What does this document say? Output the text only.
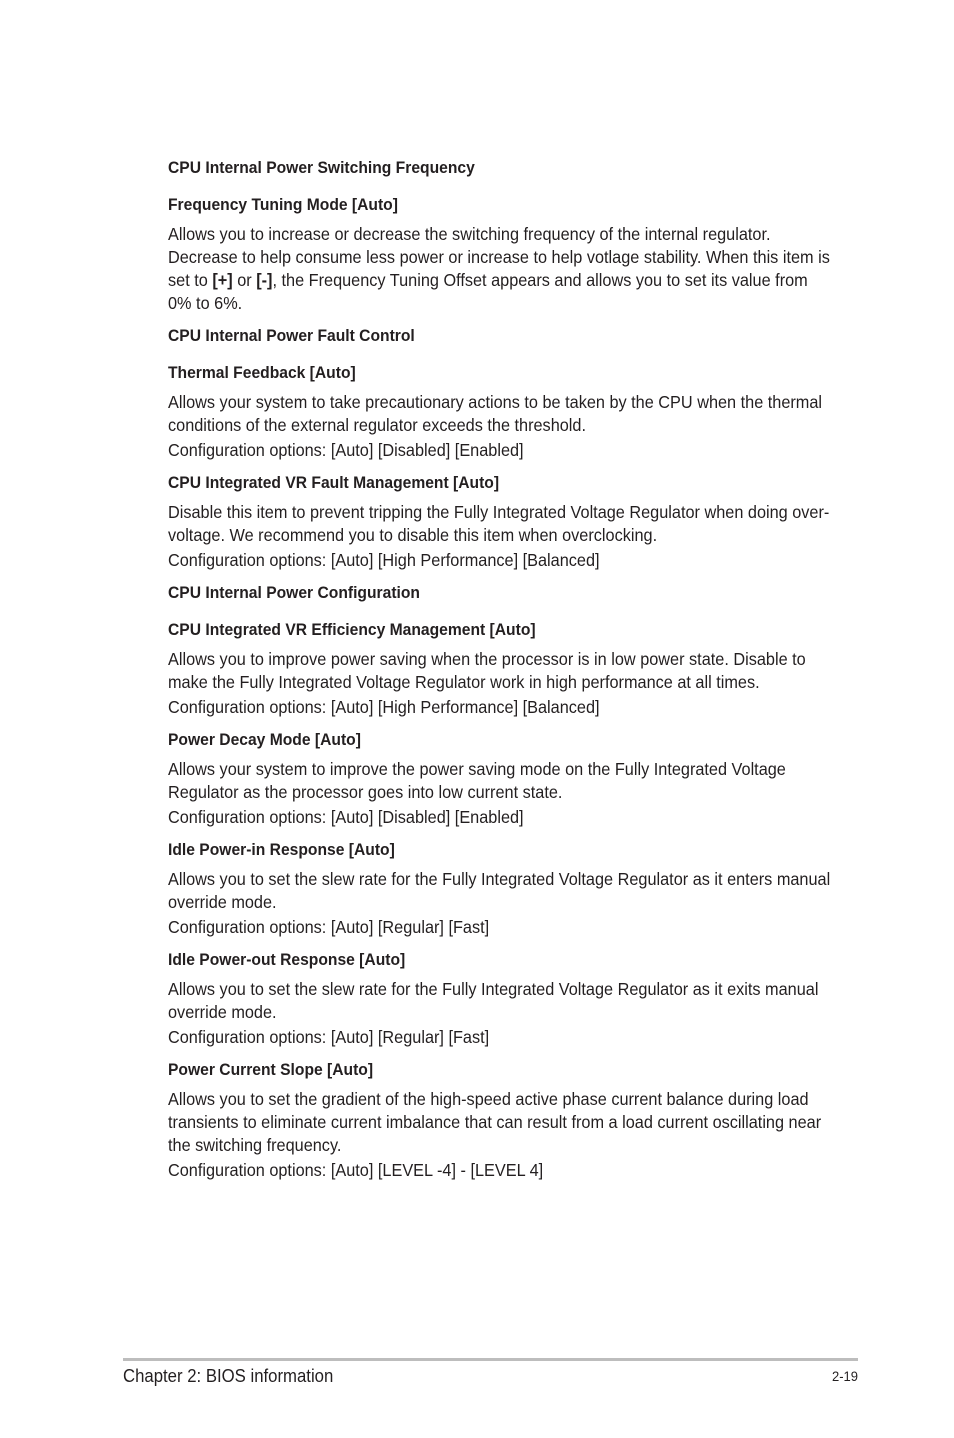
CPU Internal Power Switching Frequency
Frequency Tuning Mode [Auto]
Allows you to increase or decrease the switching frequency of the internal regulator. Decrease to help consume less power or increase to help votlage stability. When this item is set to [+] or [-], the Frequency Tuning Offset appears and allows you to set its value from 0% to 6%.
CPU Internal Power Fault Control
Thermal Feedback [Auto]
Allows your system to take precautionary actions to be taken by the CPU when the thermal conditions of the external regulator exceeds the threshold.
Configuration options: [Auto] [Disabled] [Enabled]
CPU Integrated VR Fault Management [Auto]
Disable this item to prevent tripping the Fully Integrated Voltage Regulator when doing over-voltage. We recommend you to disable this item when overclocking.
Configuration options: [Auto] [High Performance] [Balanced]
CPU Internal Power Configuration
CPU Integrated VR Efficiency Management [Auto]
Allows you to improve power saving when the processor is in low power state. Disable to make the Fully Integrated Voltage Regulator work in high performance at all times.
Configuration options: [Auto] [High Performance] [Balanced]
Power Decay Mode [Auto]
Allows your system to improve the power saving mode on the Fully Integrated Voltage Regulator as the processor goes into low current state.
Configuration options: [Auto] [Disabled] [Enabled]
Idle Power-in Response [Auto]
Allows you to set the slew rate for the Fully Integrated Voltage Regulator as it enters manual override mode.
Configuration options: [Auto] [Regular] [Fast]
Idle Power-out Response [Auto]
Allows you to set the slew rate for the Fully Integrated Voltage Regulator as it exits manual override mode.
Configuration options: [Auto] [Regular] [Fast]
Power Current Slope [Auto]
Allows you to set the gradient of the high-speed active phase current balance during load transients to eliminate current imbalance that can result from a load current oscillating near the switching frequency.
Configuration options: [Auto] [LEVEL -4] - [LEVEL 4]
Chapter 2: BIOS information	2-19
